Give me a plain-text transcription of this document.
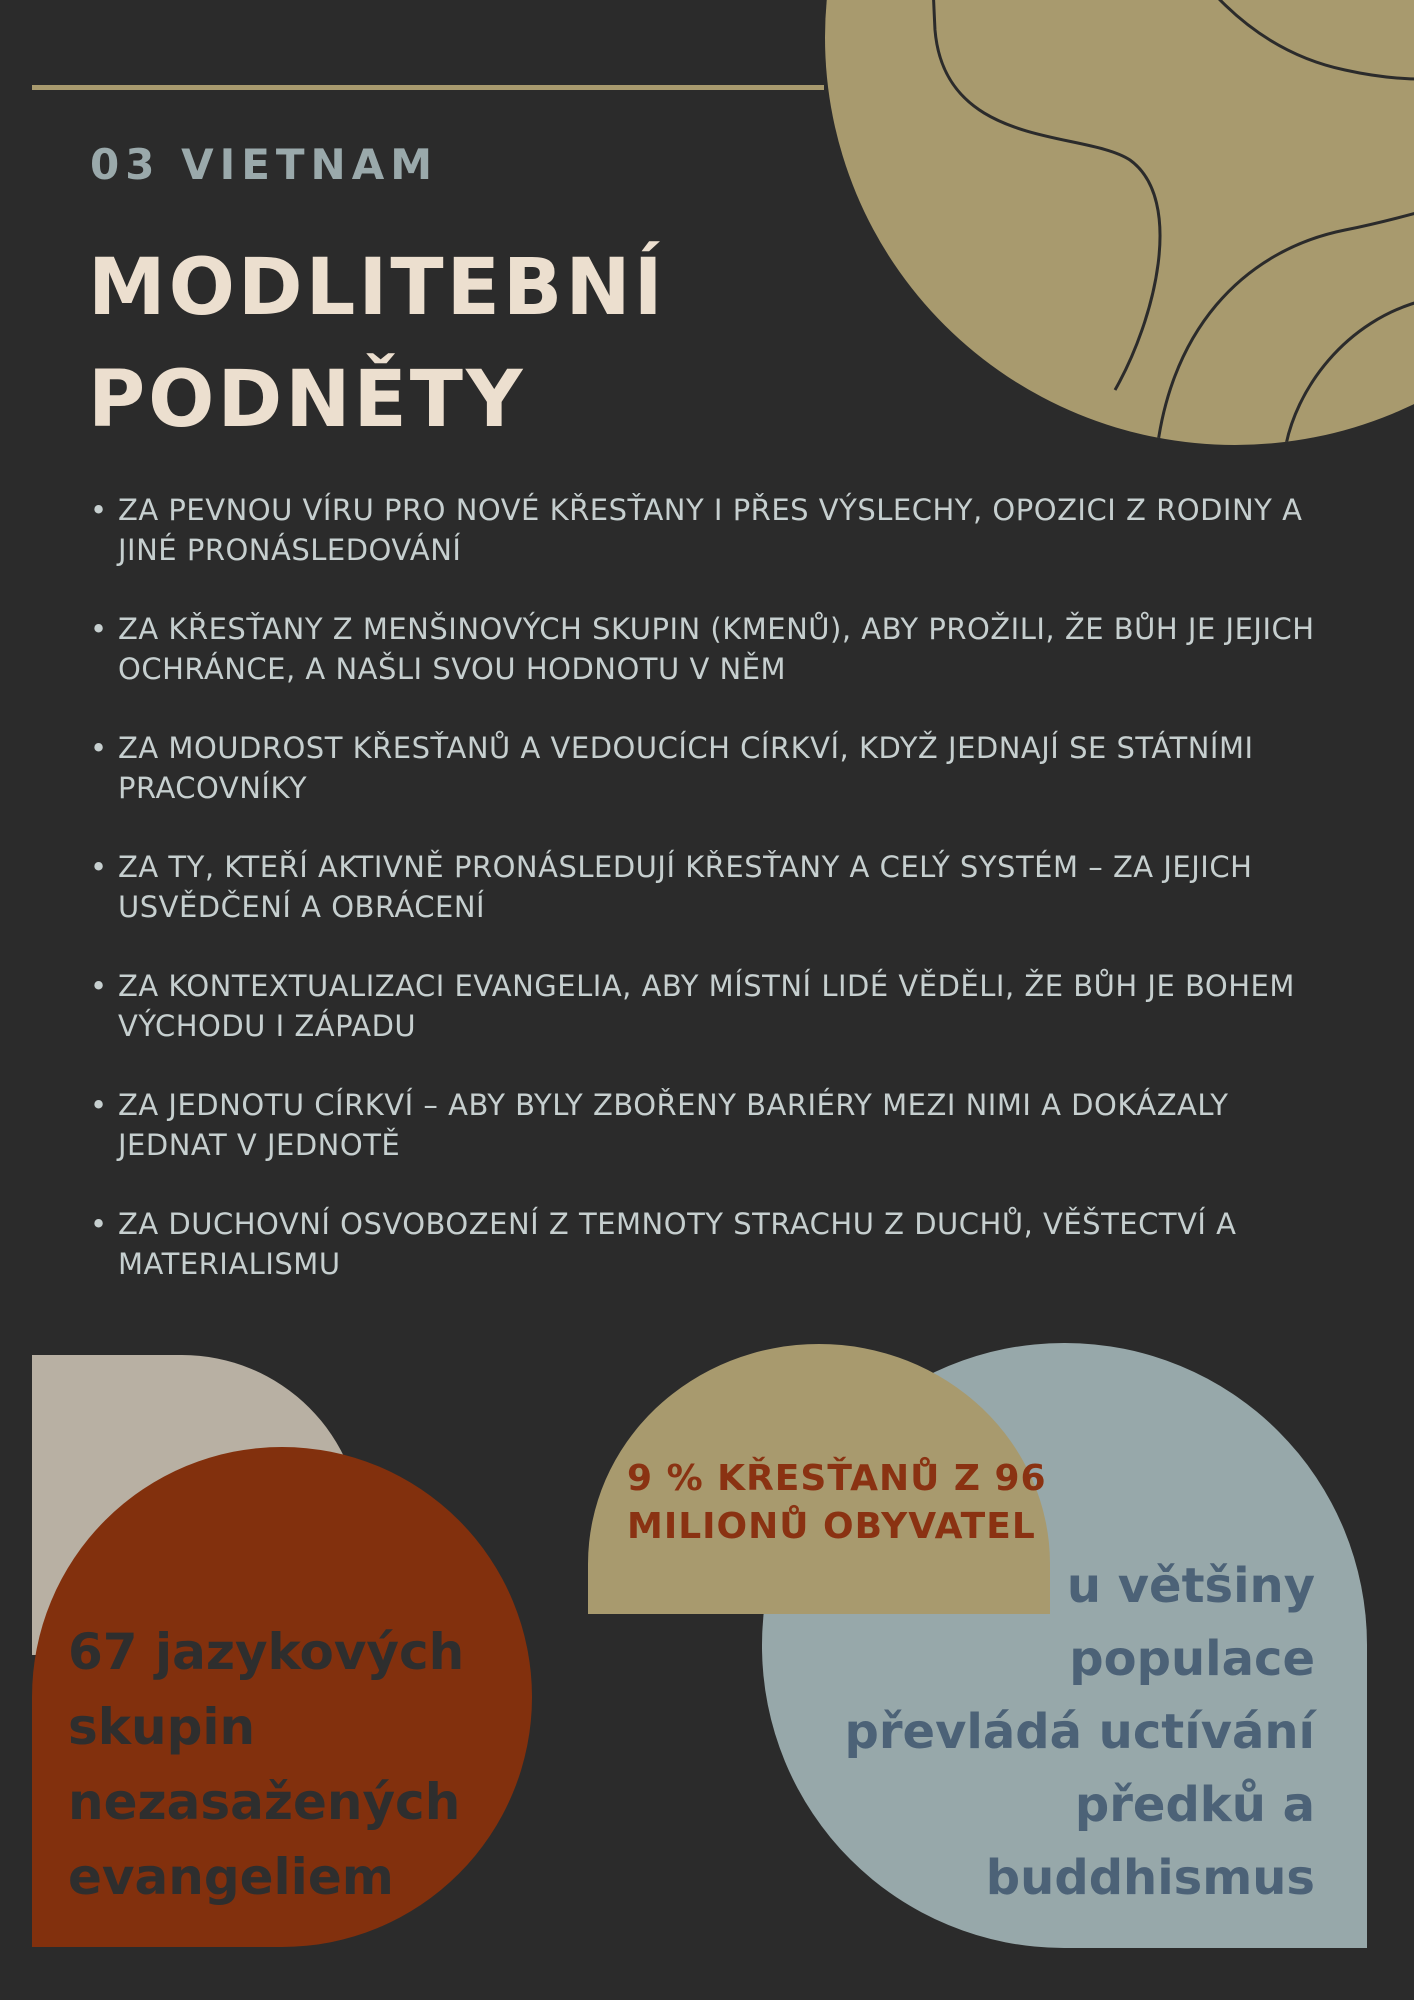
03 VIETNAM

MODLITEBNÍ PODNĚTY
• ZA PEVNOU VÍRU PRO NOVÉ KŘESŤANY I PŘES VÝSLECHY, OPOZICI Z RODINY A JINÉ PRONÁSLEDOVÁNÍ
• ZA KŘESŤANY Z MENŠINOVÝCH SKUPIN (KMENŮ), ABY PROŽILI, ŽE BŮH JE JEJICH OCHRÁNCE, A NAŠLI SVOU HODNOTU V NĚM
• ZA MOUDROST KŘESŤANŮ A VEDOUCÍCH CÍRKVÍ, KDYŽ JEDNAJÍ SE STÁTNÍMI PRACOVNÍKY
• ZA TY, KTEŘÍ AKTIVNĚ PRONÁSLEDUJÍ KŘESŤANY A CELÝ SYSTÉM – ZA JEJICH USVĚDČENÍ A OBRÁCENÍ
• ZA KONTEXTUALIZACI EVANGELIA, ABY MÍSTNÍ LIDÉ VĚDĚLI, ŽE BŮH JE BOHEM VÝCHODU I ZÁPADU
• ZA JEDNOTU CÍRKVÍ – ABY BYLY ZBOŘENY BARIÉRY MEZI NIMI A DOKÁZALY JEDNAT V JEDNOTĚ
• ZA DUCHOVNÍ OSVOBOZENÍ Z TEMNOTY STRACHU Z DUCHŮ, VĚŠTECTVÍ A MATERIALISMU

67 jazykových skupin nezasažených evangeliem

9 % KŘESŤANŮ Z 96 MILIONŮ OBYVATEL

u většiny populace převládá uctívání předků a buddhismus
